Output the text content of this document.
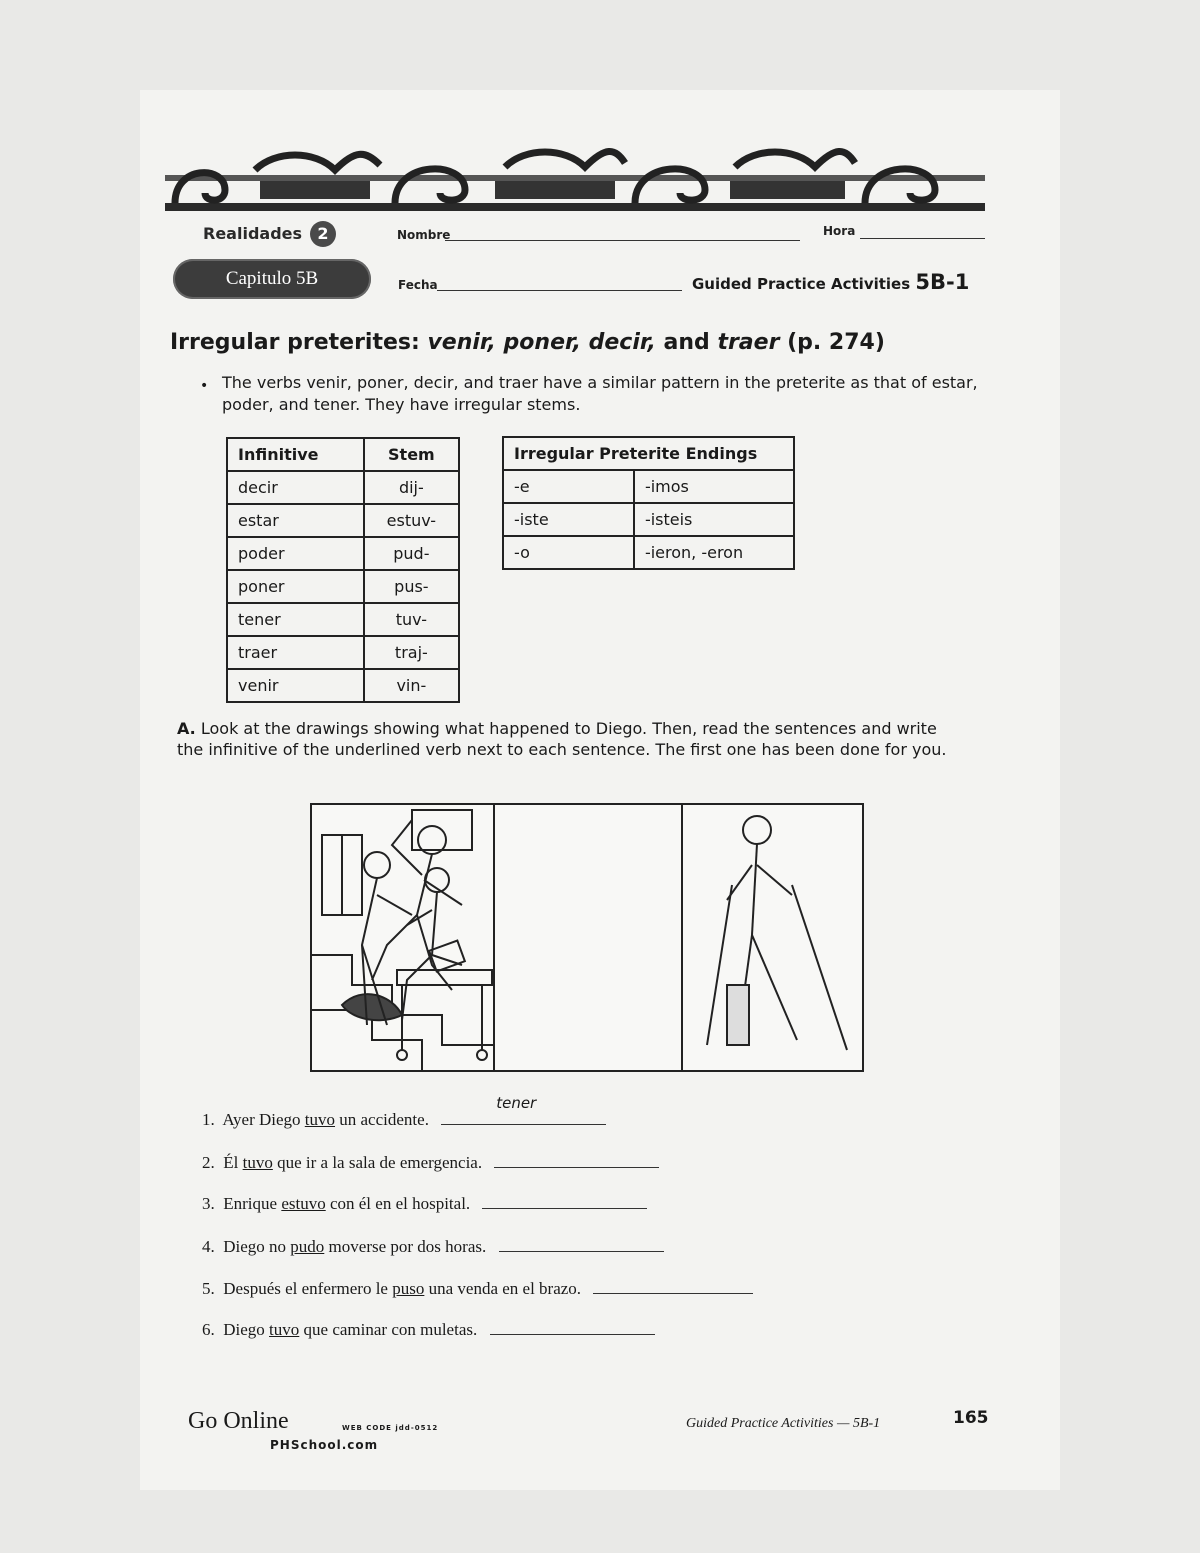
Realidades 2	Nombre	Hora
Capitulo 5B	Fecha	Guided Practice Activities 5B-1
Irregular preterites: venir, poner, decir, and traer (p. 274)
• The verbs venir, poner, decir, and traer have a similar pattern in the preterite as that of estar, poder, and tener. They have irregular stems.
Infinitive	Stem
decir	dij-
estar	estuv-
poder	pud-
poner	pus-
tener	tuv-
traer	traj-
venir	vin-
Irregular Preterite Endings	
-e	-imos
-iste	-isteis
-o	-ieron, -eron
A. Look at the drawings showing what happened to Diego. Then, read the sentences and write the infinitive of the underlined verb next to each sentence. The first one has been done for you.
1. Ayer Diego tuvo un accidente.
tener
2. Él tuvo que ir a la sala de emergencia.
3. Enrique estuvo con él en el hospital.
4. Diego no pudo moverse por dos horas.
5. Después el enfermero le puso una venda en el brazo.
6. Diego tuvo que caminar con muletas.
Go Online	WEB CODE jdd-0512
PHSchool.com
Guided Practice Activities — 5B-1	165
